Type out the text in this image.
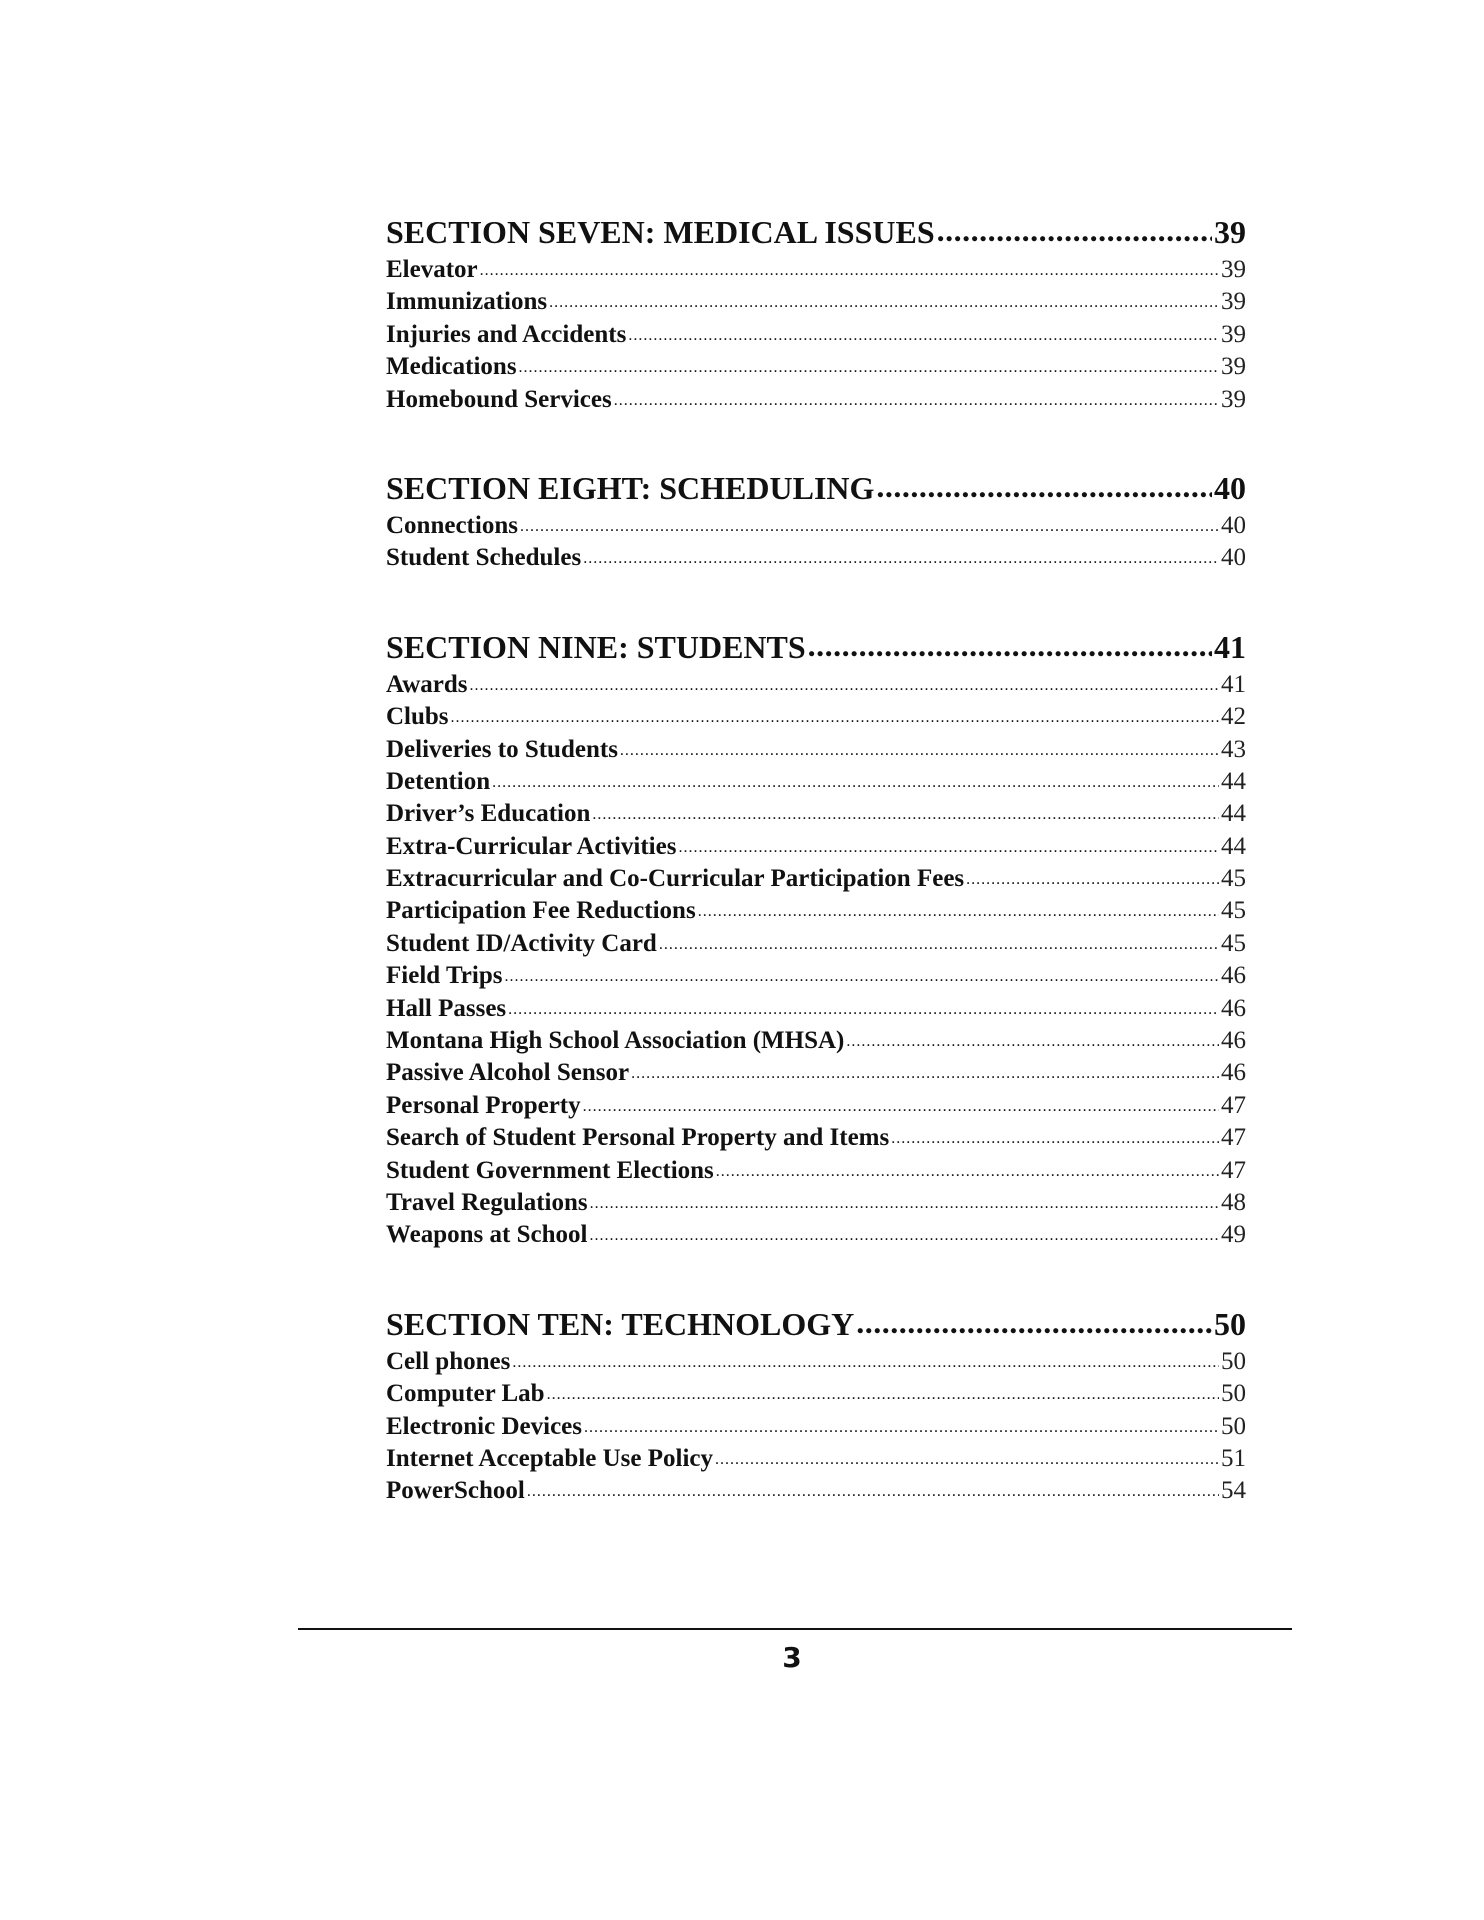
SECTION SEVEN: MEDICAL ISSUES .....	39
Elevator .....	39
Immunizations .....	39
Injuries and Accidents .....	39
Medications .....	39
Homebound Services .....	39
SECTION EIGHT: SCHEDULING .....	40
Connections .....	40
Student Schedules .....	40
SECTION NINE: STUDENTS .....	41
Awards .....	41
Clubs .....	42
Deliveries to Students .....	43
Detention .....	44
Driver’s Education .....	44
Extra-Curricular Activities .....	44
Extracurricular and Co-Curricular Participation Fees .....	45
Participation Fee Reductions .....	45
Student ID/Activity Card .....	45
Field Trips .....	46
Hall Passes .....	46
Montana High School Association (MHSA) .....	46
Passive Alcohol Sensor .....	46
Personal Property .....	47
Search of Student Personal Property and Items .....	47
Student Government Elections .....	47
Travel Regulations .....	48
Weapons at School .....	49
SECTION TEN: TECHNOLOGY .....	50
Cell phones .....	50
Computer Lab .....	50
Electronic Devices .....	50
Internet Acceptable Use Policy .....	51
PowerSchool .....	54
3
